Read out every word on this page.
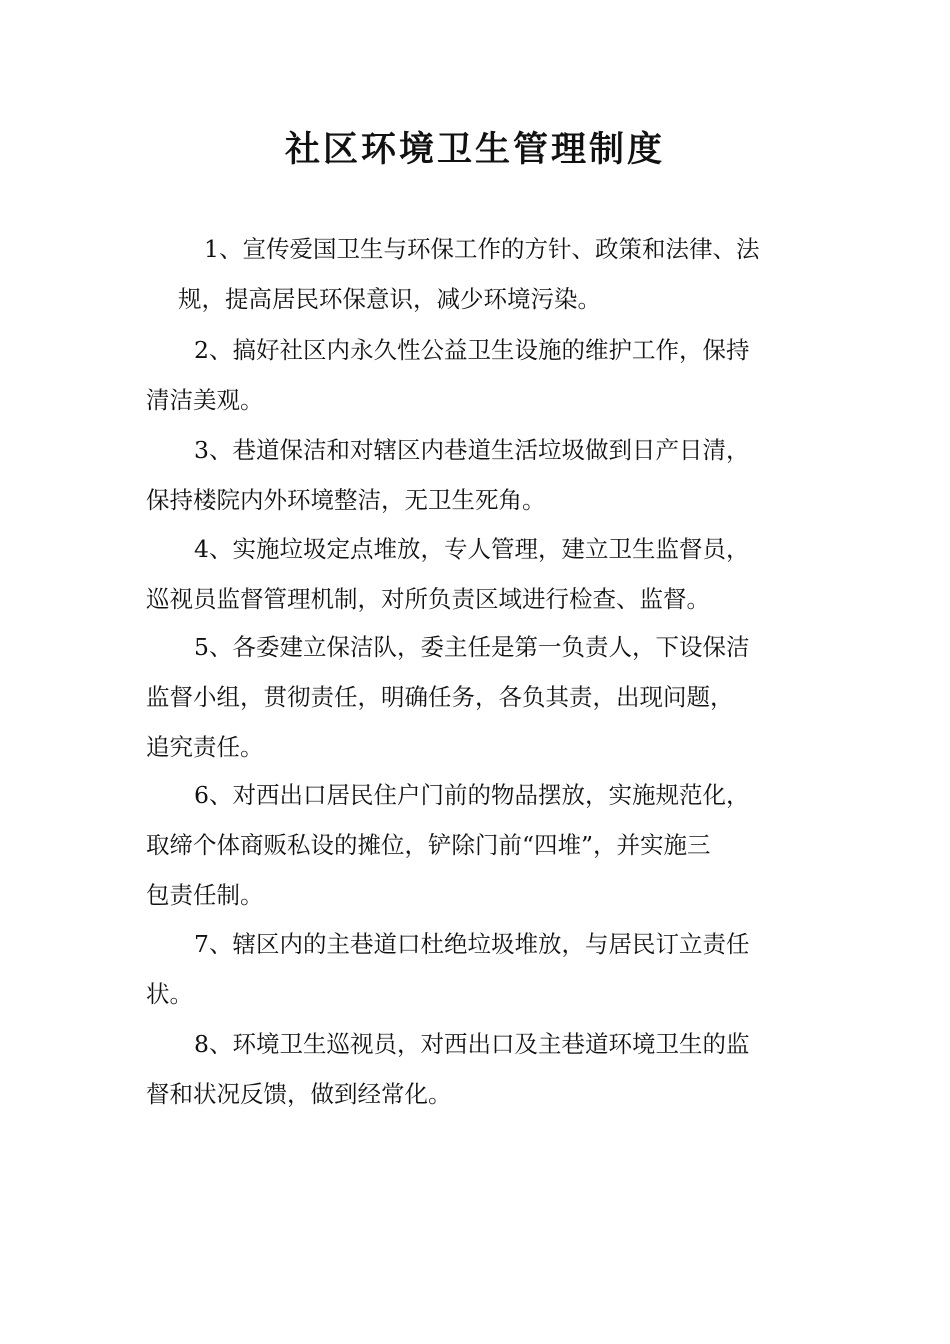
社区环境卫生管理制度
1、宣传爱国卫生与环保工作的方针、政策和法律、法
规，提高居民环保意识，减少环境污染。
2、搞好社区内永久性公益卫生设施的维护工作，保持
清洁美观。
3、巷道保洁和对辖区内巷道生活垃圾做到日产日清，
保持楼院内外环境整洁，无卫生死角。
4、实施垃圾定点堆放，专人管理，建立卫生监督员，
巡视员监督管理机制，对所负责区域进行检查、监督。
5、各委建立保洁队，委主任是第一负责人，下设保洁
监督小组，贯彻责任，明确任务，各负其责，出现问题，
追究责任。
6、对西出口居民住户门前的物品摆放，实施规范化，
取缔个体商贩私设的摊位，铲除门前“四堆”，并实施三
包责任制。
7、辖区内的主巷道口杜绝垃圾堆放，与居民订立责任
状。
8、环境卫生巡视员，对西出口及主巷道环境卫生的监
督和状况反馈，做到经常化。
